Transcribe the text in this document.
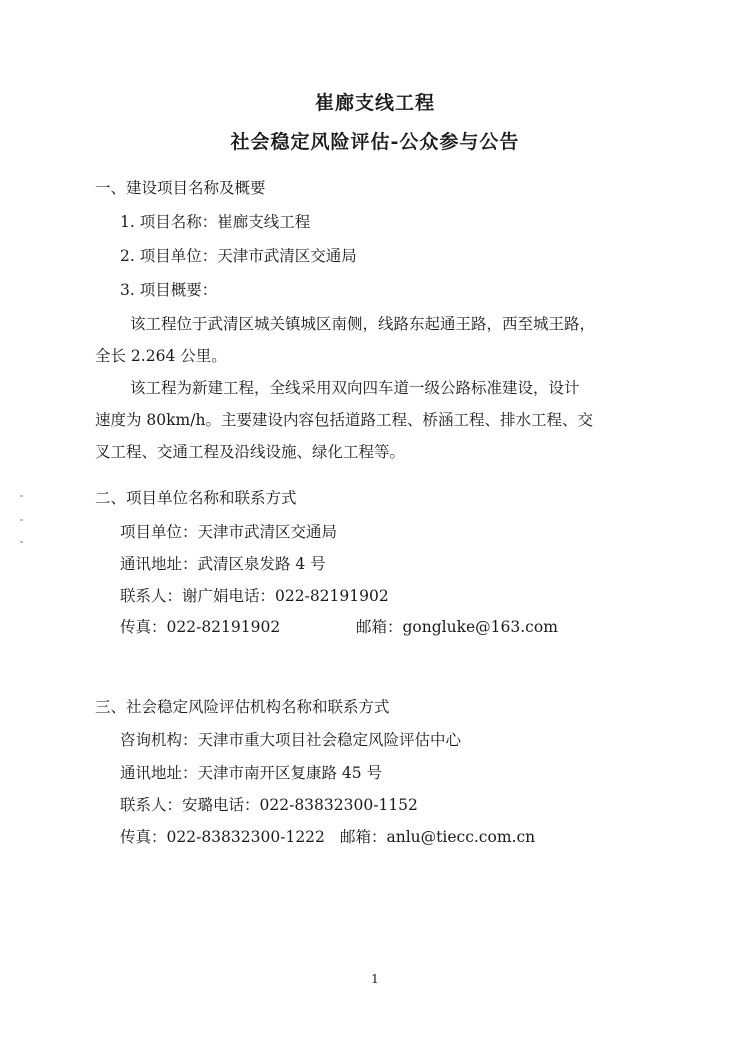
崔廊支线工程
社会稳定风险评估-公众参与公告
一、建设项目名称及概要
1. 项目名称：崔廊支线工程
2. 项目单位：天津市武清区交通局
3. 项目概要：
该工程位于武清区城关镇城区南侧，线路东起通王路，西至城王路，
全长 2.264 公里。
该工程为新建工程，全线采用双向四车道一级公路标准建设，设计
速度为 80km/h。主要建设内容包括道路工程、桥涵工程、排水工程、交
叉工程、交通工程及沿线设施、绿化工程等。
二、项目单位名称和联系方式
项目单位：天津市武清区交通局
通讯地址：武清区泉发路 4 号
联系人：谢广娟电话：022-82191902
传真：022-82191902	邮箱：gongluke@163.com
三、社会稳定风险评估机构名称和联系方式
咨询机构：天津市重大项目社会稳定风险评估中心
通讯地址：天津市南开区复康路 45 号
联系人：安璐电话：022-83832300-1152
传真：022-83832300-1222 邮箱：anlu@tiecc.com.cn
1
